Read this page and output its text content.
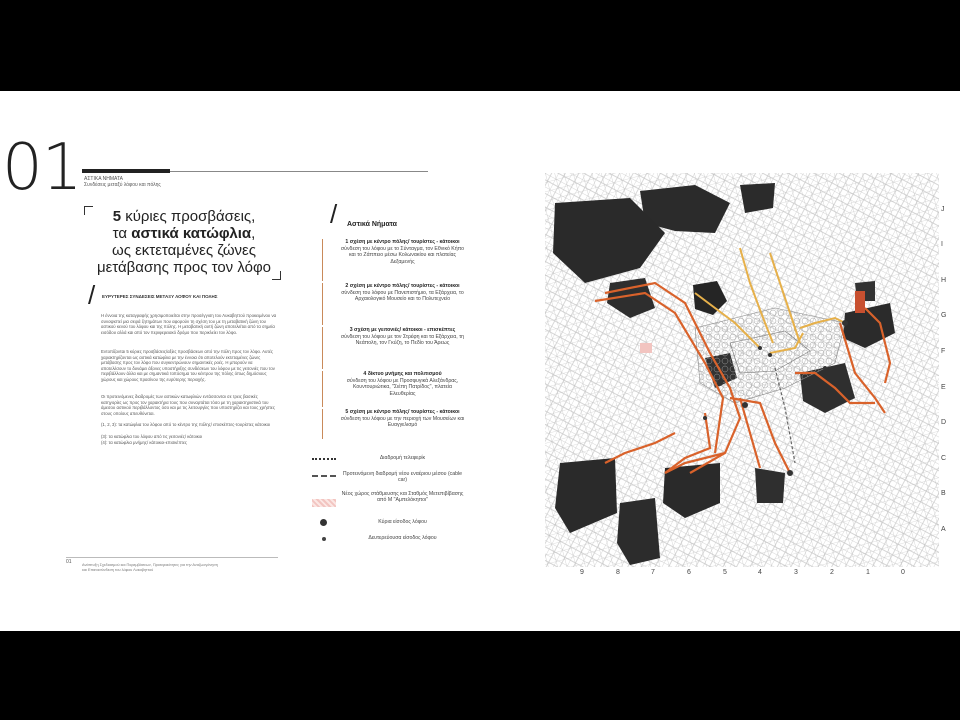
01 ΑΣΤΙΚΑ ΝΗΜΑΤΑ
Συνδέσεις μεταξύ λόφου και πόλης
5 κύριες προσβάσεις,
τα αστικά κατώφλια,
ως εκτεταμένες ζώνες
μετάβασης προς τον λόφο
/ ΕΥΡΥΤΕΡΕΣ ΣΥΝΔΕΣΕΙΣ ΜΕΤΑΞΥ ΛΟΦΟΥ ΚΑΙ ΠΟΛΗΣ
Η έννοια της καταγραφής χρησιμοποιείται στην προσέγγιση του Λυκαβηττού προκειμένου να συνοψιστεί μια σειρά ζητημάτων που αφορούν τη σχέση του με τη μεταβατική ζώνη του αστικού κενού του λόφου και της πόλης. Η μεταβατική αυτή ζώνη αποτελείται από τα σημεία εισόδου αλλά και από τον περιφερειακό δρόμο που περικλείει τον λόφο.
Εντοπίζονται 5 κύριες προσβάσεις/αξίες προσβάσεων από την πόλη προς τον λόφο. Αυτές χαρακτηρίζονται ως αστικά κατώφλια με την έννοια ότι αποτελούν εκτεταμένες ζώνες μετάβασης προς τον λόφο που συγκεντρώνουν σημαντικές ροές. Η μπορούν να αποτελέσουν το δυνάμει άξονες υποστήριξης συνδέσεων του λόφου με τις γειτονιές που τον περιβάλλουν άλλα και με σημαντικά τοπόσημα του κέντρου της πόλης όπως δημόσιους χώρους και χώρους πρασίνου της ευρύτερης περιοχής.
Οι προτεινόμενες διαδρομές των αστικών κατωφλιών εντάσσονται σε τρεις βασικές κατηγορίες ως προς τον χαρακτήρα τους που συναρτάται τόσο με τη χαρακτηριστικά του άμεσου αστικού περιβάλλοντος όσο και με τις λειτουργίες που υποστηρίζει και τους χρήστες στους οποίους απευθύνεται.
(1, 2, 3): τα κατώφλια του λόφου από το κέντρο της πόλης/ επισκέπτες-τουρίστες κάτοικοι
(3): τα κατώφλια του λόφου από τις γειτονιές/ κάτοικοι
(4): τα κατώφλια μνήμης/ κάτοικοι-επισκέπτες
01	Ανάπτυξη Σχεδιασμού και Παρεμβάσεων, Προτεραιότητες για την Αναζωογόνηση και Επανασύνδεση του λόφου Λυκαβηττού
/ Αστικά Νήματα
1 σχέση με κέντρο πόλης/ τουρίστες - κάτοικοι
σύνδεση του λόφου με το Σύνταγμα, τον Εθνικό Κήπο και το Ζάππειο μέσω Κολωνακίου και πλατείας Δεξαμενής
2 σχέση με κέντρο πόλης/ τουρίστες - κάτοικοι
σύνδεση του λόφου με Πανεπιστήμιο, τα Εξάρχεια, το Αρχαιολογικό Μουσείο και το Πολυτεχνείο
3 σχέση με γειτονιές/ κάτοικοι - επισκέπτες
σύνδεση του λόφου με τον Στρέφη και τα Εξάρχεια, τη Νεάπολη, τον Γκύζη, το Πεδίο του Άρεως
4 δίκτυο μνήμης και πολιτισμού
σύνδεση του λόφου με Προσφυγικά Αλεξάνδρας, Κουντουριώτικα, "Σιέπη Πατρίδος", πλατεία Ελευθερίας
5 σχέση με κέντρο πόλης/ τουρίστες - κάτοικοι
σύνδεση του λόφου με την περιοχή των Μουσείων και Ευαγγελισμό
Διαδρομή τελεφερίκ
Προτεινόμενη διαδρομή νέου εναέριου μέσου (cable car)
Νέος χώρος στάθμευσης και Σταθμός Μετεπιβίβασης από M "Αμπελόκηποι"
Κύρια είσοδος λόφου
Δευτερεύουσα είσοδος λόφου
J
I
H
G
F
E
D
C
B
A
9	8	7	6	5	4	3	2	1	0
